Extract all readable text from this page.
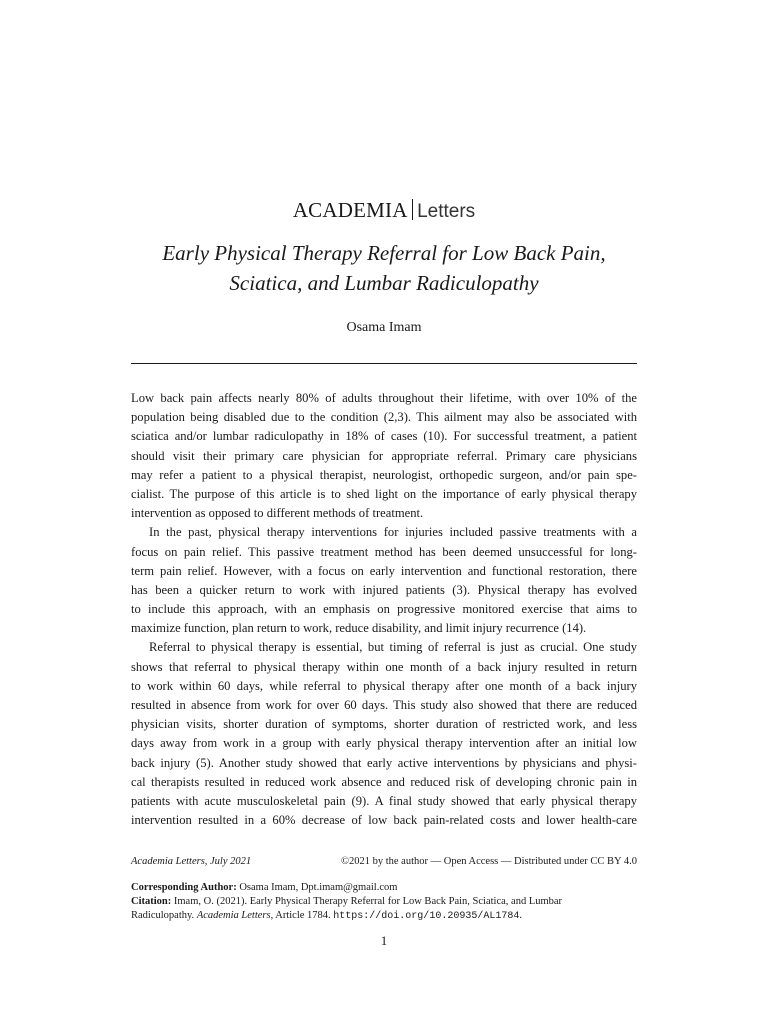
ACADEMIA Letters
Early Physical Therapy Referral for Low Back Pain,
Sciatica, and Lumbar Radiculopathy
Osama Imam
Low back pain affects nearly 80% of adults throughout their lifetime, with over 10% of the
population being disabled due to the condition (2,3). This ailment may also be associated with
sciatica and/or lumbar radiculopathy in 18% of cases (10). For successful treatment, a patient
should visit their primary care physician for appropriate referral. Primary care physicians
may refer a patient to a physical therapist, neurologist, orthopedic surgeon, and/or pain spe-
cialist. The purpose of this article is to shed light on the importance of early physical therapy
intervention as opposed to different methods of treatment.
In the past, physical therapy interventions for injuries included passive treatments with a
focus on pain relief. This passive treatment method has been deemed unsuccessful for long-
term pain relief. However, with a focus on early intervention and functional restoration, there
has been a quicker return to work with injured patients (3). Physical therapy has evolved
to include this approach, with an emphasis on progressive monitored exercise that aims to
maximize function, plan return to work, reduce disability, and limit injury recurrence (14).
Referral to physical therapy is essential, but timing of referral is just as crucial. One study
shows that referral to physical therapy within one month of a back injury resulted in return
to work within 60 days, while referral to physical therapy after one month of a back injury
resulted in absence from work for over 60 days. This study also showed that there are reduced
physician visits, shorter duration of symptoms, shorter duration of restricted work, and less
days away from work in a group with early physical therapy intervention after an initial low
back injury (5). Another study showed that early active interventions by physicians and physi-
cal therapists resulted in reduced work absence and reduced risk of developing chronic pain in
patients with acute musculoskeletal pain (9). A final study showed that early physical therapy
intervention resulted in a 60% decrease of low back pain-related costs and lower health-care
Academia Letters, July 2021	©2021 by the author — Open Access — Distributed under CC BY 4.0
Corresponding Author: Osama Imam, Dpt.imam@gmail.com
Citation: Imam, O. (2021). Early Physical Therapy Referral for Low Back Pain, Sciatica, and Lumbar
Radiculopathy. Academia Letters, Article 1784. https://doi.org/10.20935/AL1784.
1
